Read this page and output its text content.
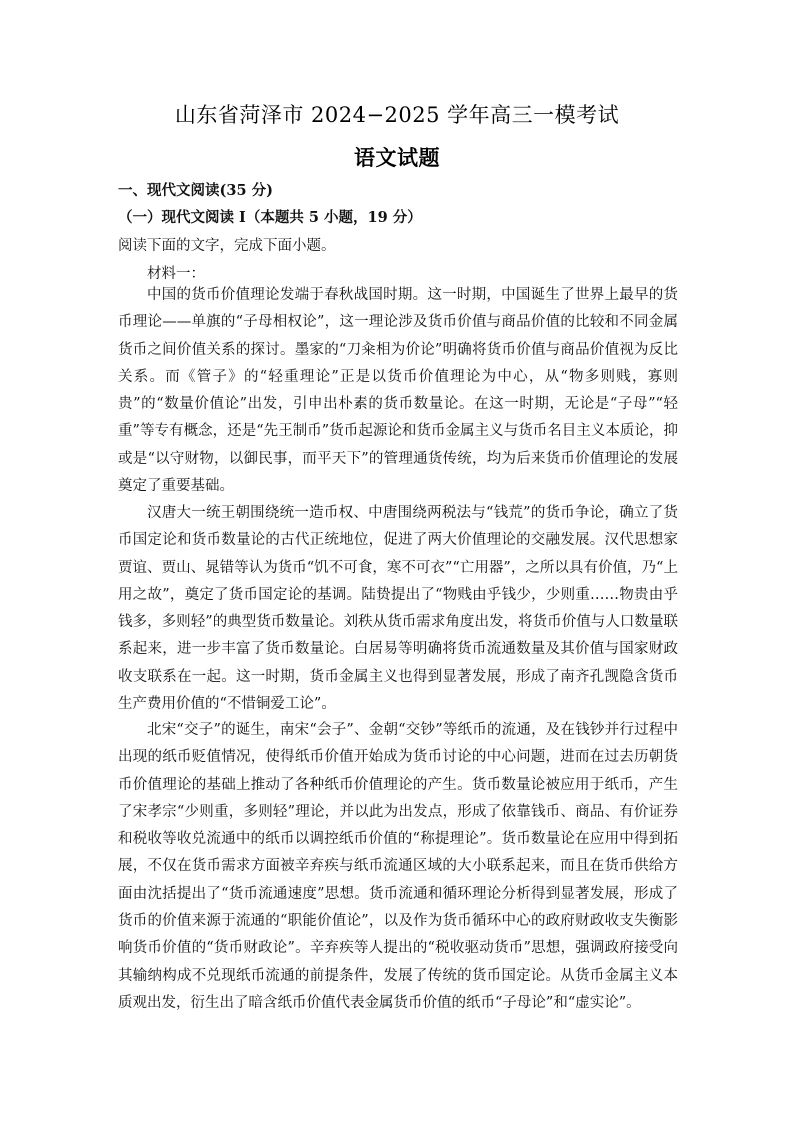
山东省菏泽市 2024−2025 学年高三一模考试
语文试题
一、现代文阅读(35 分)
（一）现代文阅读 I（本题共 5 小题，19 分）
阅读下面的文字，完成下面小题。
材料一：

中国的货币价值理论发端于春秋战国时期。这一时期，中国诞生了世界上最早的货币理论——单旗的“子母相权论”，这一理论涉及货币价值与商品价值的比较和不同金属货币之间价值关系的探讨。墨家的“刀籴相为价论”明确将货币价值与商品价值视为反比关系。而《管子》的“轻重理论”正是以货币价值理论为中心，从“物多则贱，寡则贵”的“数量价值论”出发，引申出朴素的货币数量论。在这一时期，无论是“子母”“轻重”等专有概念，还是“先王制币”货币起源论和货币金属主义与货币名目主义本质论，抑或是“以守财物，以御民事，而平天下”的管理通货传统，均为后来货币价值理论的发展奠定了重要基础。

汉唐大一统王朝围绕统一造币权、中唐围绕两税法与“钱荒”的货币争论，确立了货币国定论和货币数量论的古代正统地位，促进了两大价值理论的交融发展。汉代思想家贾谊、贾山、晁错等认为货币“饥不可食，寒不可衣”“亡用器”，之所以具有价值，乃“上用之故”，奠定了货币国定论的基调。陆贽提出了“物贱由乎钱少，少则重……物贵由乎钱多，多则轻”的典型货币数量论。刘秩从货币需求角度出发，将货币价值与人口数量联系起来，进一步丰富了货币数量论。白居易等明确将货币流通数量及其价值与国家财政收支联系在一起。这一时期，货币金属主义也得到显著发展，形成了南齐孔觊隐含货币生产费用价值的“不惜铜爱工论”。

北宋“交子”的诞生，南宋“会子”、金朝“交钞”等纸币的流通，及在钱钞并行过程中出现的纸币贬值情况，使得纸币价值开始成为货币讨论的中心问题，进而在过去历朝货币价值理论的基础上推动了各种纸币价值理论的产生。货币数量论被应用于纸币，产生了宋孝宗“少则重，多则轻”理论，并以此为出发点，形成了依靠钱币、商品、有价证券和税收等收兑流通中的纸币以调控纸币价值的“称提理论”。货币数量论在应用中得到拓展，不仅在货币需求方面被辛弃疾与纸币流通区域的大小联系起来，而且在货币供给方面由沈括提出了“货币流通速度”思想。货币流通和循环理论分析得到显著发展，形成了货币的价值来源于流通的“职能价值论”，以及作为货币循环中心的政府财政收支失衡影响货币价值的“货币财政论”。辛弃疾等人提出的“税收驱动货币”思想，强调政府接受向其输纳构成不兑现纸币流通的前提条件，发展了传统的货币国定论。从货币金属主义本质观出发，衍生出了暗含纸币价值代表金属货币价值的纸币“子母论”和“虚实论”。
